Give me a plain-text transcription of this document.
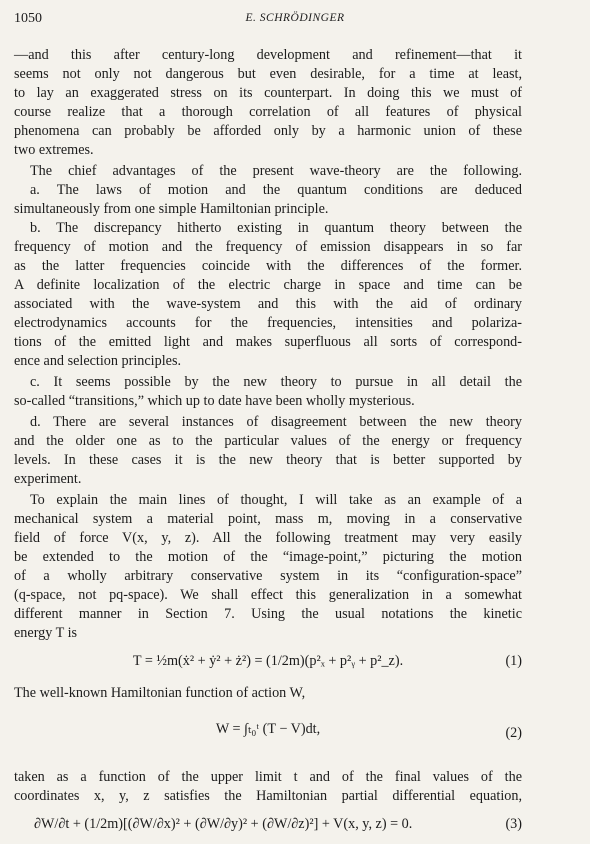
1050	E. SCHRÖDINGER
—and this after century-long development and refinement—that it
seems not only not dangerous but even desirable, for a time at least,
to lay an exaggerated stress on its counterpart. In doing this we must of
course realize that a thorough correlation of all features of physical
phenomena can probably be afforded only by a harmonic union of these
two extremes.
The chief advantages of the present wave-theory are the following.
a. The laws of motion and the quantum conditions are deduced
simultaneously from one simple Hamiltonian principle.
b. The discrepancy hitherto existing in quantum theory between the
frequency of motion and the frequency of emission disappears in so far
as the latter frequencies coincide with the differences of the former.
A definite localization of the electric charge in space and time can be
associated with the wave-system and this with the aid of ordinary
electrodynamics accounts for the frequencies, intensities and polariza-
tions of the emitted light and makes superfluous all sorts of correspond-
ence and selection principles.
c. It seems possible by the new theory to pursue in all detail the
so-called “transitions,” which up to date have been wholly mysterious.
d. There are several instances of disagreement between the new theory
and the older one as to the particular values of the energy or frequency
levels. In these cases it is the new theory that is better supported by
experiment.
To explain the main lines of thought, I will take as an example of a
mechanical system a material point, mass m, moving in a conservative
field of force V(x, y, z). All the following treatment may very easily
be extended to the motion of the “image-point,” picturing the motion
of a wholly arbitrary conservative system in its “configuration-space”
(q-space, not pq-space). We shall effect this generalization in a somewhat
different manner in Section 7. Using the usual notations the kinetic
energy T is
T = ½m(ẋ² + ẏ² + ż²) = (1/2m)(p²ₓ + p²ᵧ + p²_z).	(1)
The well-known Hamiltonian function of action W,
W = ∫ₜ₀ᵗ (T − V)dt,	(2)
taken as a function of the upper limit t and of the final values of the
coordinates x, y, z satisfies the Hamiltonian partial differential equation,
∂W/∂t + (1/2m)[(∂W/∂x)² + (∂W/∂y)² + (∂W/∂z)²] + V(x, y, z) = 0.	(3)
